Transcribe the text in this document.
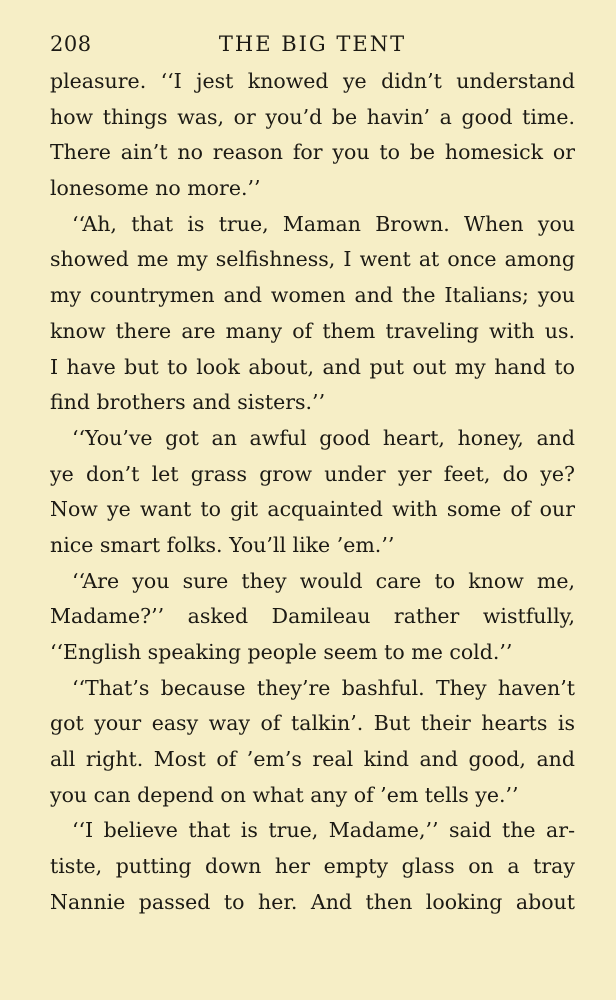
208	THE BIG TENT
pleasure. ‘‘I jest knowed ye didn’t understand
how things was, or you’d be havin’ a good time.
There ain’t no reason for you to be homesick or
lonesome no more.’’
‘‘Ah, that is true, Maman Brown. When you
showed me my selfishness, I went at once among
my countrymen and women and the Italians; you
know there are many of them traveling with us.
I have but to look about, and put out my hand to
find brothers and sisters.’’
‘‘You’ve got an awful good heart, honey, and
ye don’t let grass grow under yer feet, do ye?
Now ye want to git acquainted with some of our
nice smart folks. You’ll like ’em.’’
‘‘Are you sure they would care to know me,
Madame?’’ asked Damileau rather wistfully,
‘‘English speaking people seem to me cold.’’
‘‘That’s because they’re bashful. They haven’t
got your easy way of talkin’. But their hearts is
all right. Most of ’em’s real kind and good, and
you can depend on what any of ’em tells ye.’’
‘‘I believe that is true, Madame,’’ said the ar-
tiste, putting down her empty glass on a tray
Nannie passed to her. And then looking about
